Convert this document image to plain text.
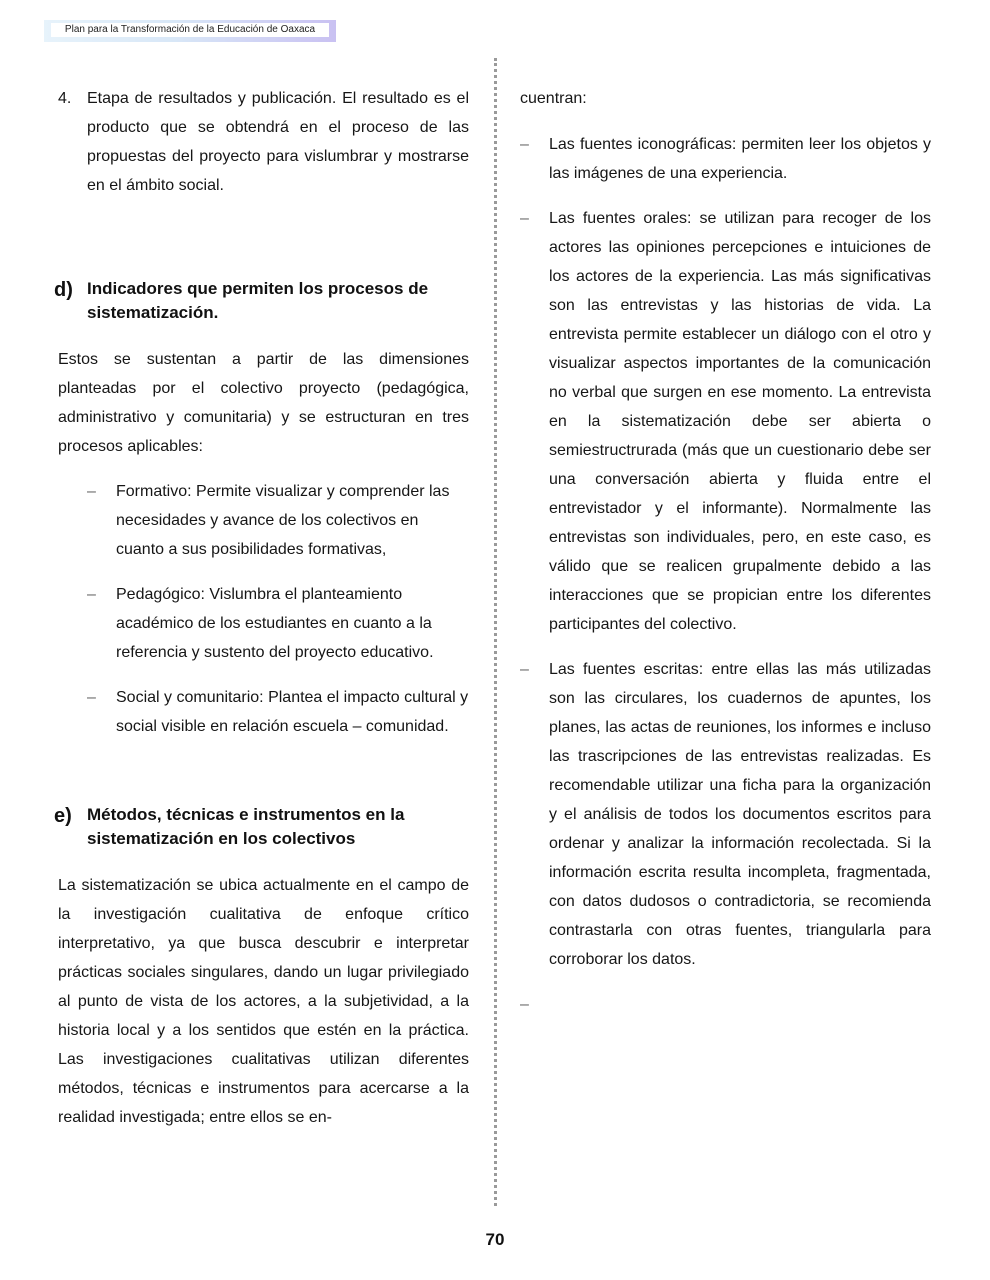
Plan para la Transformación de la Educación de Oaxaca
4. Etapa de resultados y publicación. El resultado es el producto que se obtendrá en el proceso de las propuestas del proyecto para vislumbrar y mostrarse en el ámbito social.

d) Indicadores que permiten los procesos de sistematización.

Estos se sustentan a partir de las dimensiones planteadas por el colectivo proyecto (pedagógica, administrativo y comunitaria) y se estructuran en tres procesos aplicables:

– Formativo: Permite visualizar y comprender las necesidades y avance de los colectivos en cuanto a sus posibilidades formativas,
– Pedagógico: Vislumbra el planteamiento académico de los estudiantes en cuanto a la referencia y sustento del proyecto educativo.
– Social y comunitario: Plantea el impacto cultural y social visible en relación escuela – comunidad.
e) Métodos, técnicas e instrumentos en la sistematización en los colectivos

La sistematización se ubica actualmente en el campo de la investigación cualitativa de enfoque crítico interpretativo, ya que busca descubrir e interpretar prácticas sociales singulares, dando un lugar privilegiado al punto de vista de los actores, a la subjetividad, a la historia local y a los sentidos que estén en la práctica. Las investigaciones cualitativas utilizan diferentes métodos, técnicas e instrumentos para acercarse a la realidad investigada; entre ellos se en-

cuentran:

– Las fuentes iconográficas: permiten leer los objetos y las imágenes de una experiencia.

– Las fuentes orales: se utilizan para recoger de los actores las opiniones percepciones e intuiciones de los actores de la experiencia. Las más significativas son las entrevistas y las historias de vida. La entrevista permite establecer un diálogo con el otro y visualizar aspectos importantes de la comunicación no verbal que surgen en ese momento. La entrevista en la sistematización debe ser abierta o semiestructrurada (más que un cuestionario debe ser una conversación abierta y fluida entre el entrevistador y el informante). Normalmente las entrevistas son individuales, pero, en este caso, es válido que se realicen grupalmente debido a las interacciones que se propician entre los diferentes participantes del colectivo.

– Las fuentes escritas: entre ellas las más utilizadas son las circulares, los cuadernos de apuntes, los planes, las actas de reuniones, los informes e incluso las trascripciones de las entrevistas realizadas. Es recomendable utilizar una ficha para la organización y el análisis de todos los documentos escritos para ordenar y analizar la información recolectada. Si la información escrita resulta incompleta, fragmentada, con datos dudosos o contradictoria, se recomienda contrastarla con otras fuentes, triangularla para corroborar los datos.

–

70
